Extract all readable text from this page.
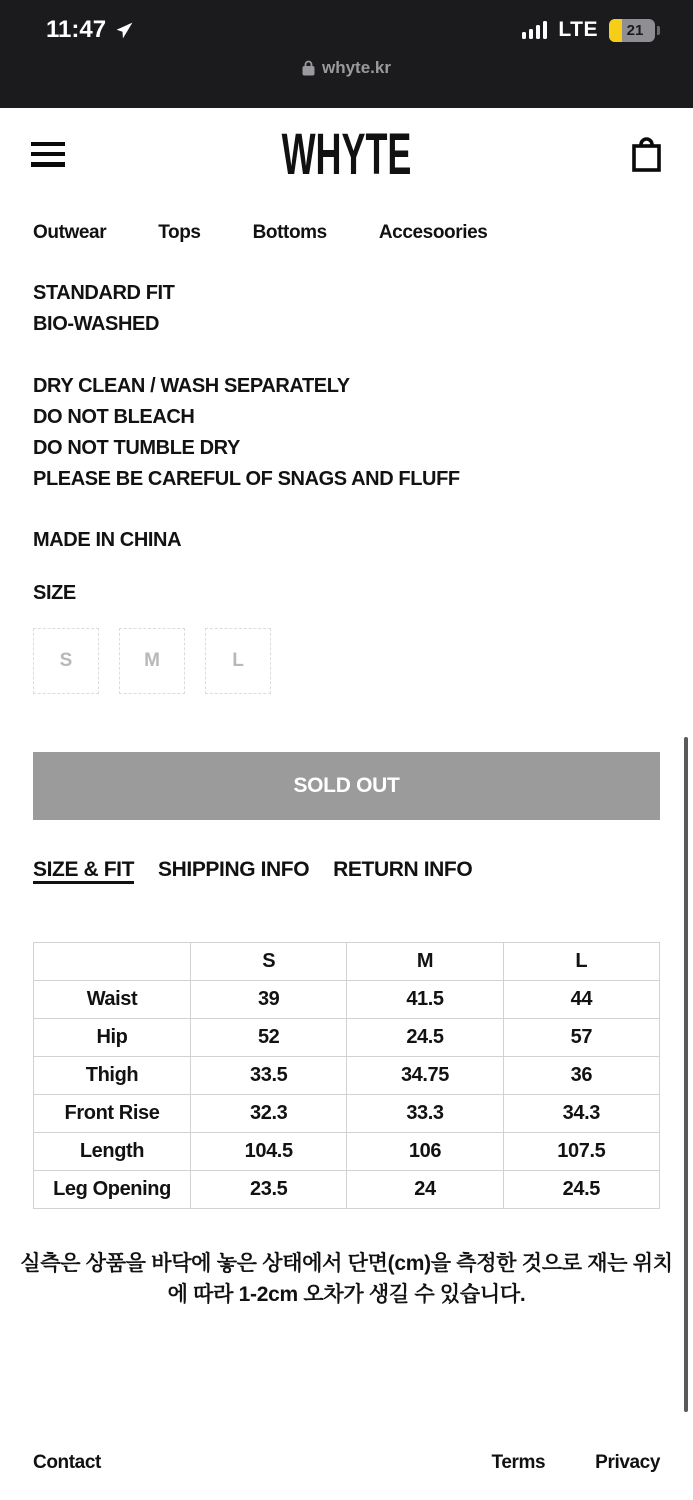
11:47	LTE	21
whyte.kr
WHYTE
Outwear	Tops	Bottoms	Accesoories
STANDARD FIT
BIO-WASHED
DRY CLEAN / WASH SEPARATELY
DO NOT BLEACH
DO NOT TUMBLE DRY
PLEASE BE CAREFUL OF SNAGS AND FLUFF
MADE IN CHINA
SIZE
S	M	L
SOLD OUT
SIZE & FIT SHIPPING INFO RETURN INFO
	S	M	L
Waist	39	41.5	44
Hip	52	24.5	57
Thigh	33.5	34.75	36
Front Rise	32.3	33.3	34.3
Length	104.5	106	107.5
Leg Opening	23.5	24	24.5
실측은 상품을 바닥에 놓은 상태에서 단면(cm)을 측정한 것으로 재는 위치에 따라 1-2cm 오차가 생길 수 있습니다.
Contact	Terms	Privacy
